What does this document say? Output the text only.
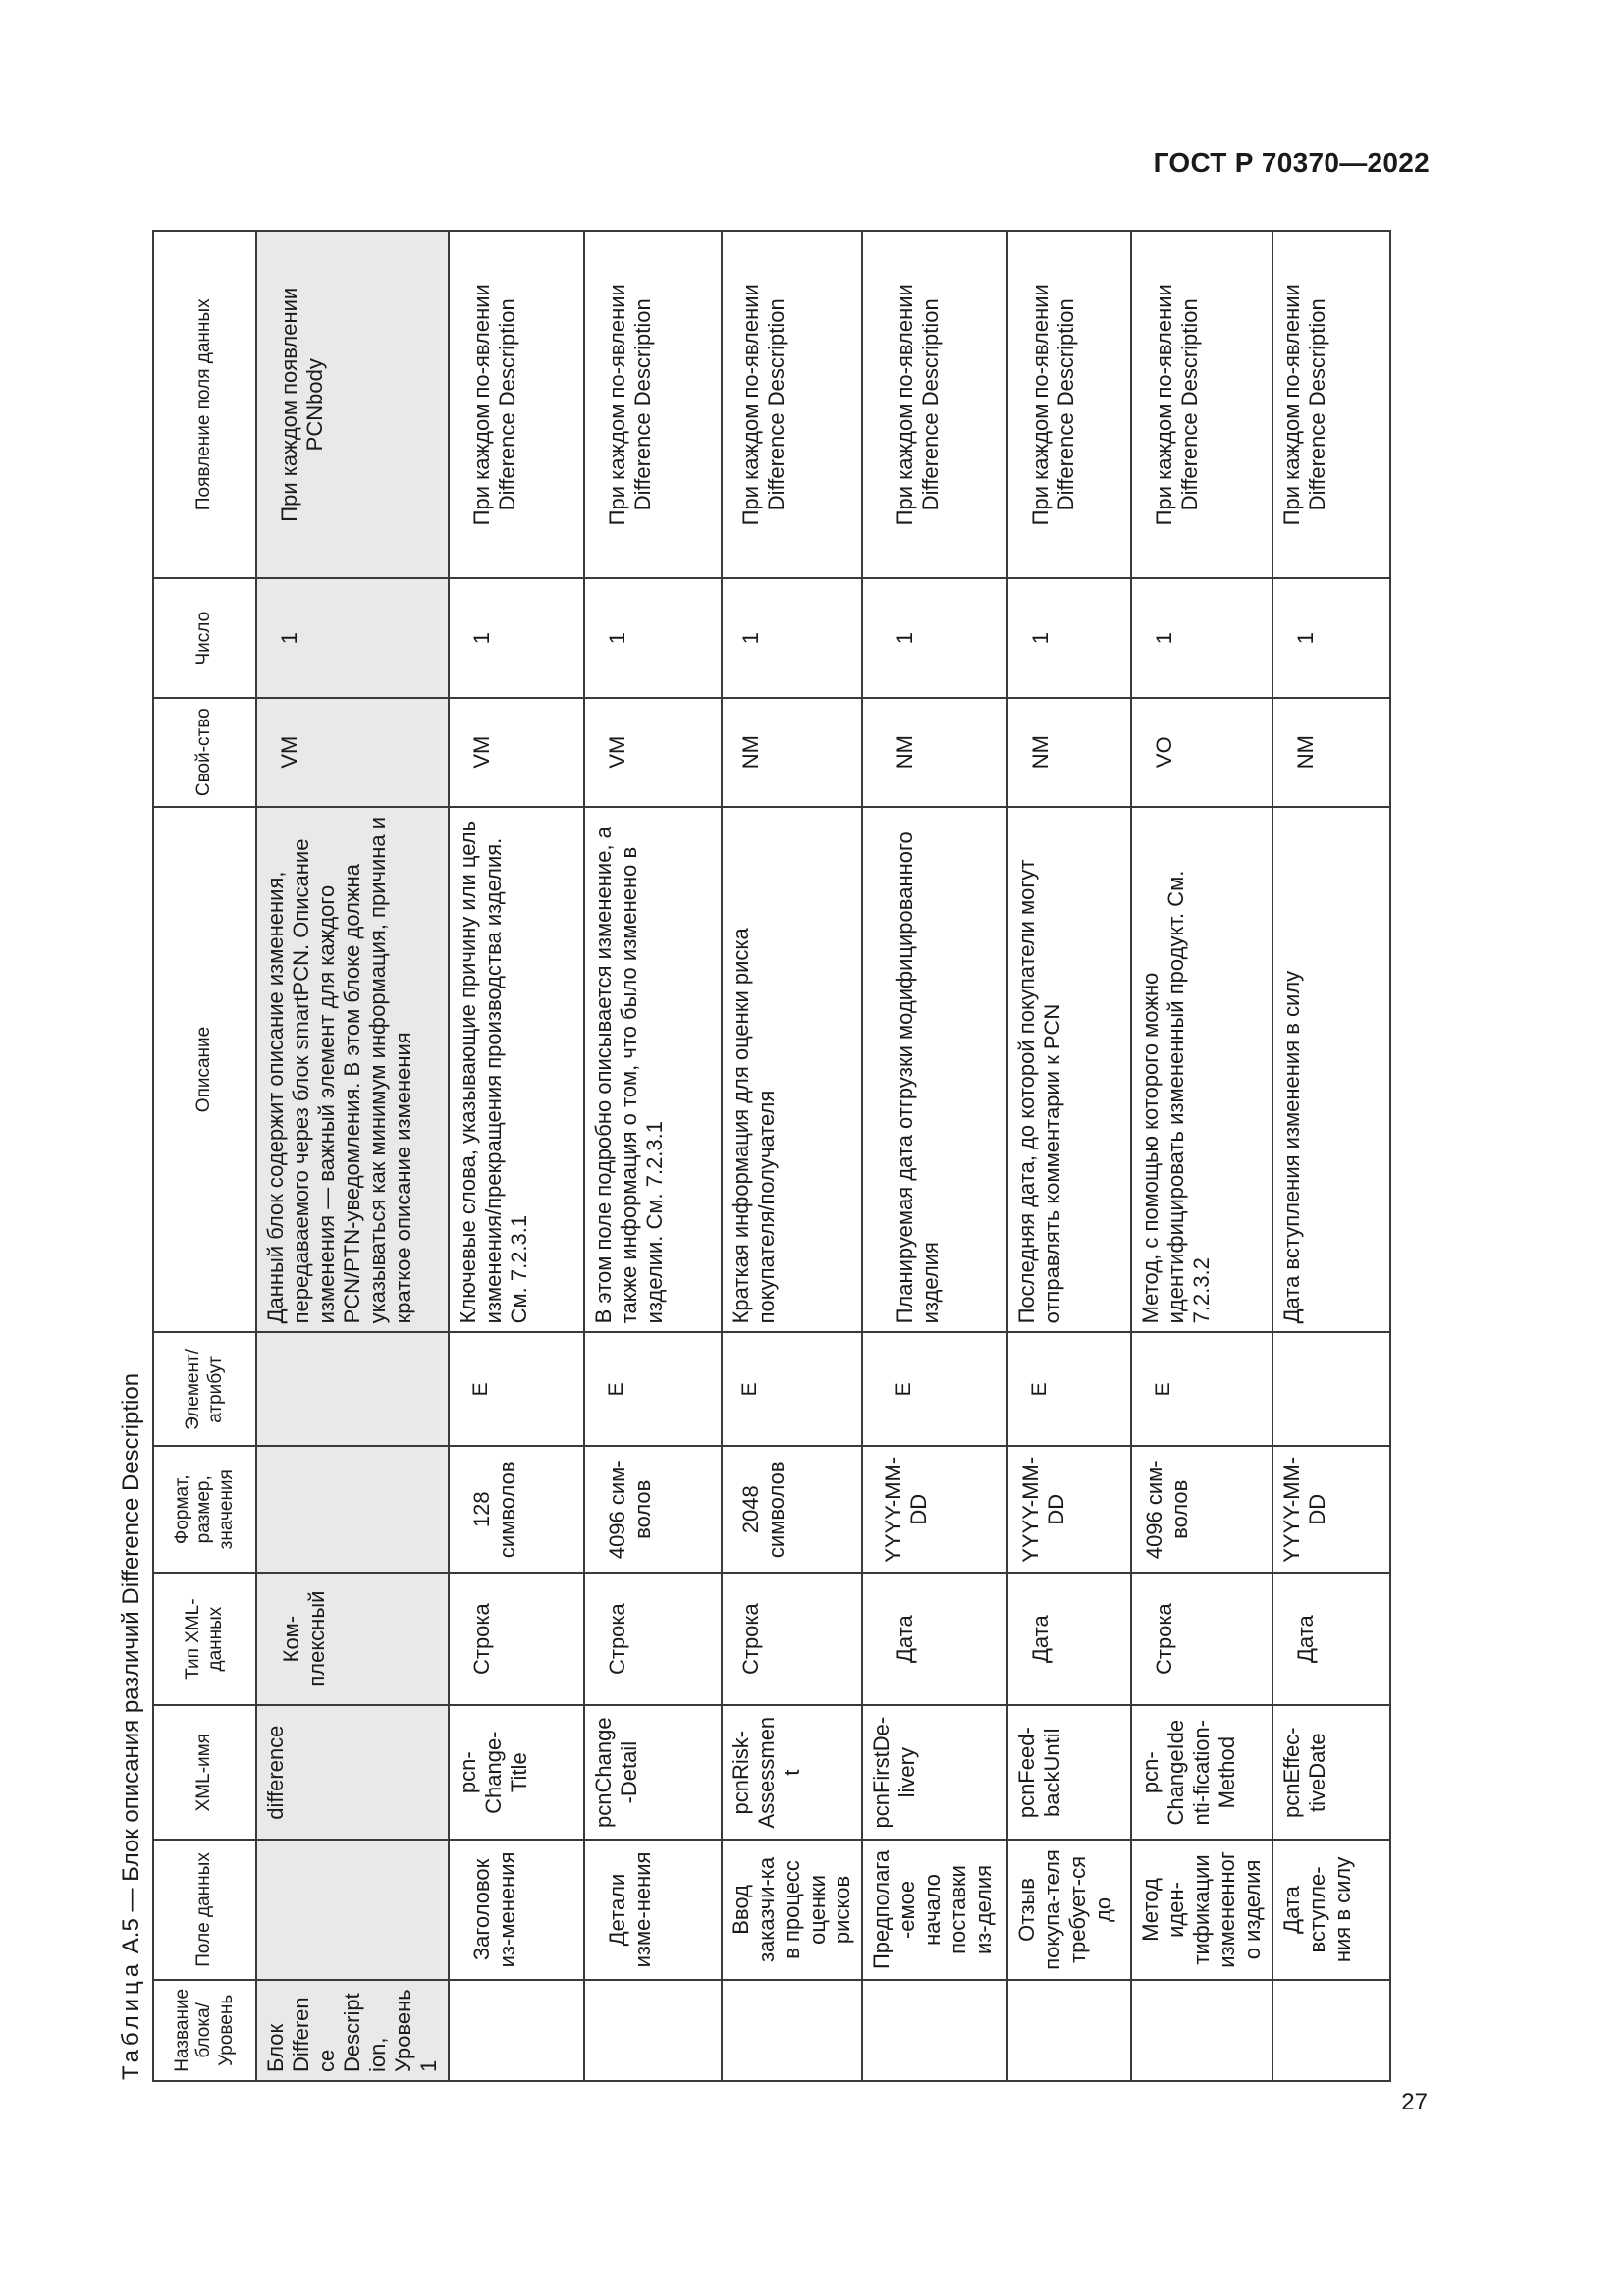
ГОСТ Р 70370—2022
Таблица А.5 — Блок описания различий Difference Description
Название блока/ Уровень	Поле данных	XML-имя	Тип XML-данных	Формат, размер, значения	Элемент/ атрибут	Описание	Свой-ство	Число	Появление поля данных
Блок Difference Description, Уровень 1		difference	Ком-плексный			Данный блок содержит описание изменения, передаваемого через блок smartPCN. Описание изменения — важный элемент для каждого PCN/PTN-уведомления. В этом блоке должна указываться как минимум информация, причина и краткое описание изменения	VM	1	При каждом появлении PCNbody
	Заголовок из-менения	pcn-Change-Title	Строка	128 символов	E	Ключевые слова, указывающие причину или цель изменения/прекращения производства изделия. См. 7.2.3.1	VM	1	При каждом по-явлении Difference Description
	Детали изме-нения	pcnChange-Detail	Строка	4096 сим-волов	E	В этом поле подробно описывается изменение, а также информация о том, что было изменено в изделии. См. 7.2.3.1	VM	1	При каждом по-явлении Difference Description
	Ввод заказчи-ка в процесс оценки рисков	pcnRisk-Assessment	Строка	2048 символов	E	Краткая информация для оценки риска покупателя/получателя	NM	1	При каждом по-явлении Difference Description
	Предполага-емое начало поставки из-делия	pcnFirstDe-livery	Дата	YYYY-MM-DD	E	Планируемая дата отгрузки модифицированного изделия	NM	1	При каждом по-явлении Difference Description
	Отзыв покупа-теля требует-ся до	pcnFeed-backUntil	Дата	YYYY-MM-DD	E	Последняя дата, до которой покупатели могут отправлять комментарии к PCN	NM	1	При каждом по-явлении Difference Description
	Метод иден-тификации измененного изделия	pcn-ChangeIdenti-fication-Method	Строка	4096 сим-волов	E	Метод, с помощью которого можно идентифицировать измененный продукт. См. 7.2.3.2	VO	1	При каждом по-явлении Difference Description
	Дата вступле-ния в силу	pcnEffec-tiveDate	Дата	YYYY-MM-DD		Дата вступления изменения в силу	NM	1	При каждом по-явлении Difference Description
27
